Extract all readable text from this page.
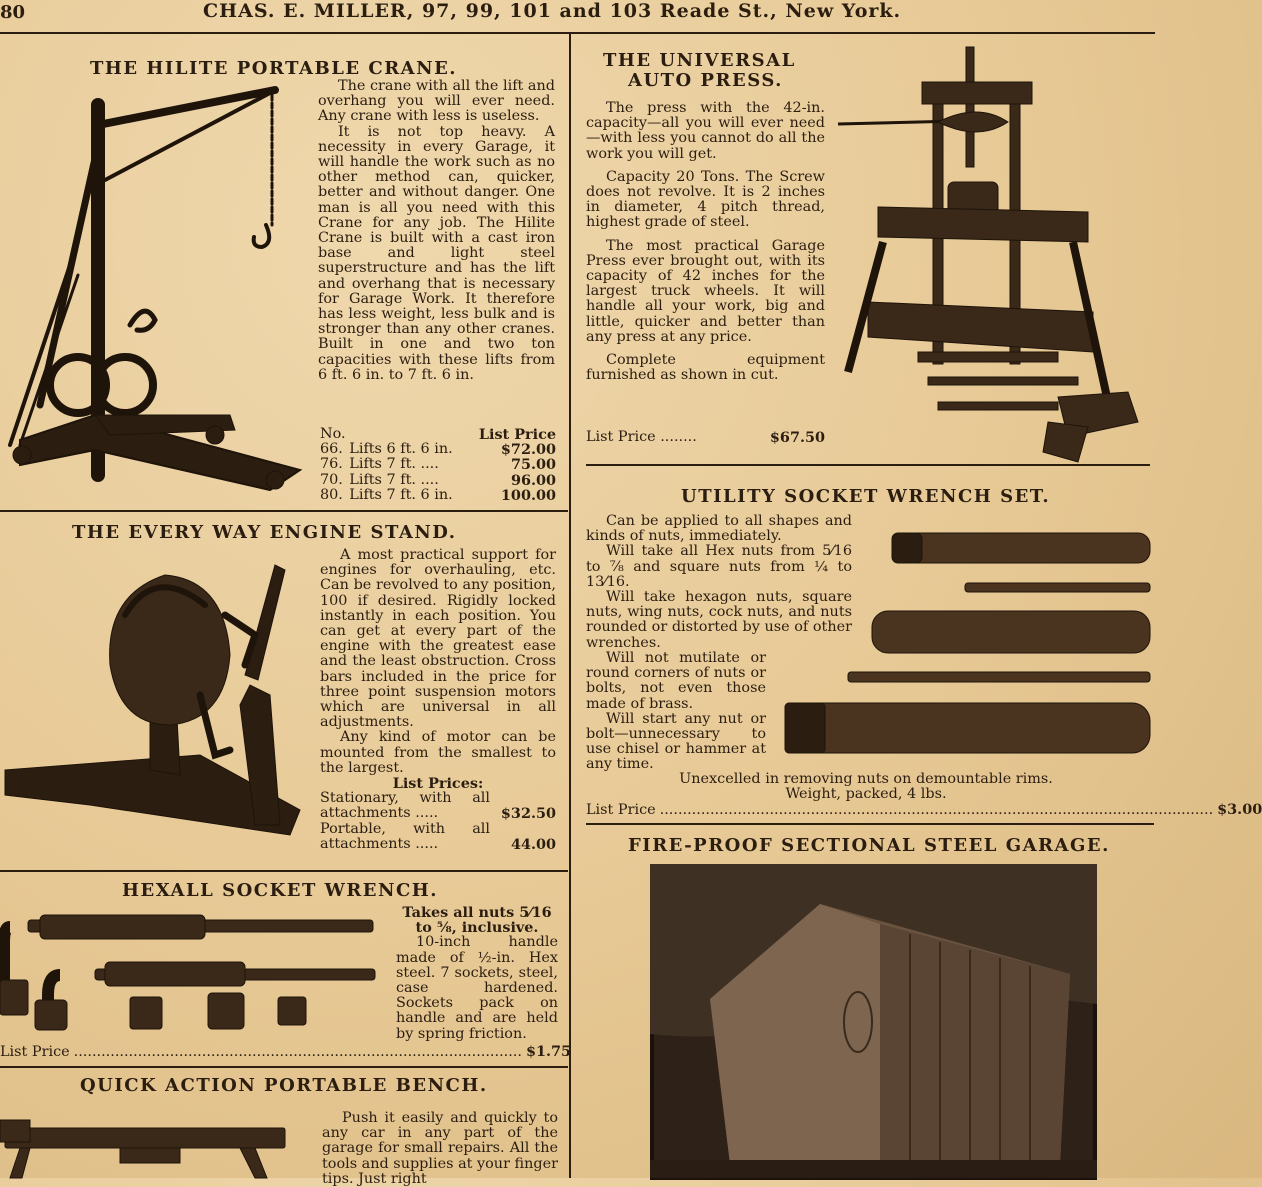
80	CHAS. E. MILLER, 97, 99, 101 and 103 Reade St., New York.
THE HILITE PORTABLE CRANE.

The crane with all the lift and overhang you will ever need. Any crane with less is useless.

It is not top heavy. A necessity in every Garage, it will handle the work such as no other method can, quicker, better and without danger. One man is all you need with this Crane for any job. The Hilite Crane is built with a cast iron base and light steel superstructure and has the lift and overhang that is necessary for Garage Work. It therefore has less weight, less bulk and is stronger than any other cranes. Built in one and two ton capacities with these lifts from 6 ft. 6 in. to 7 ft. 6 in.

No.		List Price
66.	Lifts 6 ft. 6 in.	$72.00
76.	Lifts 7 ft. ....	75.00
70.	Lifts 7 ft. ....	96.00
80.	Lifts 7 ft. 6 in.	100.00
THE EVERY WAY ENGINE STAND.

A most practical support for engines for overhauling, etc. Can be revolved to any position, 100 if desired. Rigidly locked instantly in each position. You can get at every part of the engine with the greatest ease and the least obstruction. Cross bars included in the price for three point suspension motors which are universal in all adjustments.

Any kind of motor can be mounted from the smallest to the largest.

List Prices:
Stationary, with all attachments .....	$32.50
Portable, with all attachments .....	44.00
HEXALL SOCKET WRENCH.
Takes all nuts 5⁄16 to ⅝, inclusive.

10-inch handle made of ½-in. Hex steel. 7 sockets, steel, case hardened. Sockets pack on handle and are held by spring friction.

List Price .................................................................................................. $1.75
QUICK ACTION PORTABLE BENCH.

Push it easily and quickly to any car in any part of the garage for small repairs. All the tools and supplies at your finger tips. Just right

THE UNIVERSAL
AUTO PRESS.

The press with the 42-in. capacity—all you will ever need—with less you cannot do all the work you will get.

Capacity 20 Tons. The Screw does not revolve. It is 2 inches in diameter, 4 pitch thread, highest grade of steel.

The most practical Garage Press ever brought out, with its capacity of 42 inches for the largest truck wheels. It will handle all your work, big and little, quicker and better than any press at any price.

Complete equipment furnished as shown in cut.

List Price ........	$67.50
UTILITY SOCKET WRENCH SET.

Can be applied to all shapes and kinds of nuts, immediately.

Will take all Hex nuts from 5⁄16 to ⅞ and square nuts from ¼ to 13⁄16.

Will take hexagon nuts, square nuts, wing nuts, cock nuts, and nuts rounded or distorted by use of other wrenches.

Will not mutilate or round corners of nuts or bolts, not even those made of brass.

Will start any nut or bolt—unnecessary to use chisel or hammer at any time.

Unexcelled in removing nuts on demountable rims.
Weight, packed, 4 lbs.
List Price ......................................................................................................................... $3.00
FIRE-PROOF SECTIONAL STEEL GARAGE.
